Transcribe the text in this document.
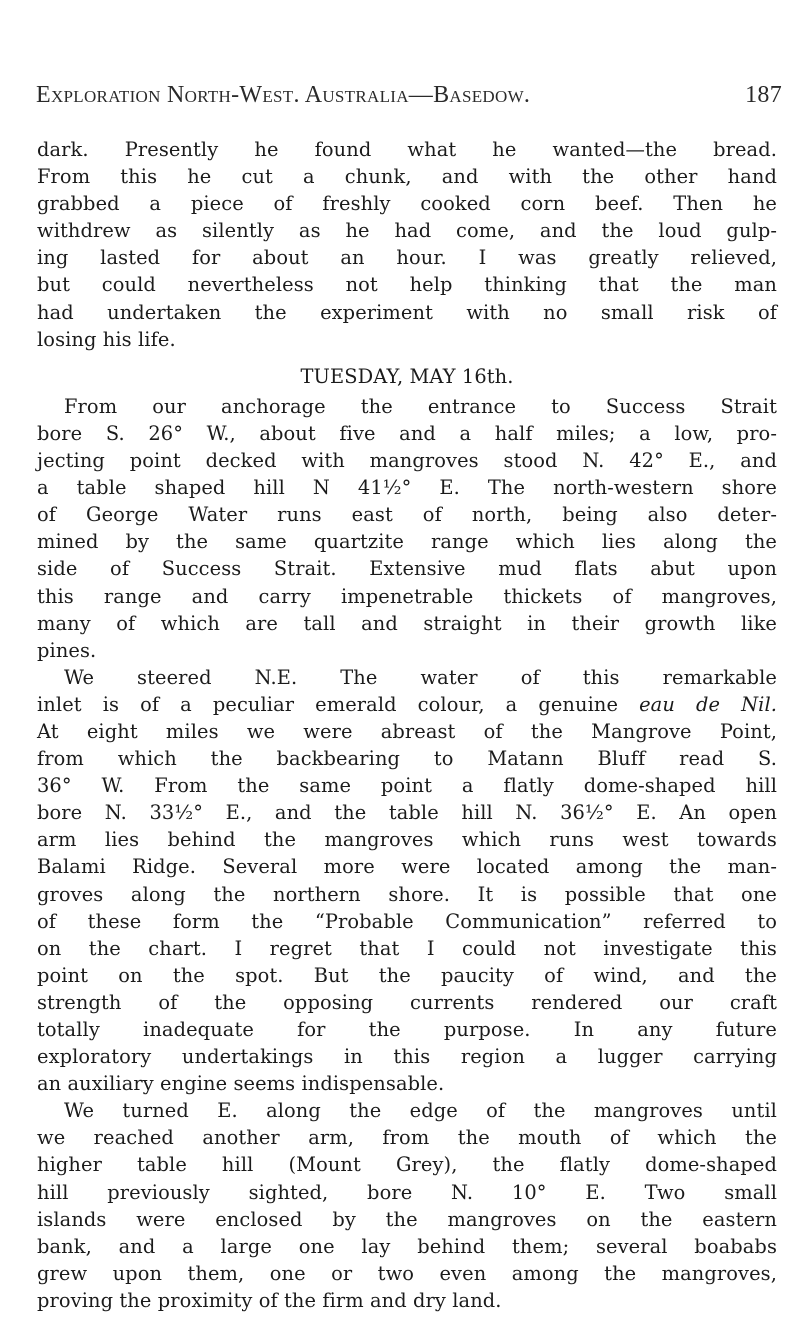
Exploration North-West. Australia—Basedow.	187
dark. Presently he found what he wanted—the bread.
From this he cut a chunk, and with the other hand
grabbed a piece of freshly cooked corn beef. Then he
withdrew as silently as he had come, and the loud gulp-
ing lasted for about an hour. I was greatly relieved,
but could nevertheless not help thinking that the man
had undertaken the experiment with no small risk of
losing his life.
TUESDAY, MAY 16th.
From our anchorage the entrance to Success Strait
bore S. 26° W., about five and a half miles; a low, pro-
jecting point decked with mangroves stood N. 42° E., and
a table shaped hill N 41½° E. The north-western shore
of George Water runs east of north, being also deter-
mined by the same quartzite range which lies along the
side of Success Strait. Extensive mud flats abut upon
this range and carry impenetrable thickets of mangroves,
many of which are tall and straight in their growth like
pines.
We steered N.E. The water of this remarkable
inlet is of a peculiar emerald colour, a genuine eau de Nil.
At eight miles we were abreast of the Mangrove Point,
from which the backbearing to Matann Bluff read S.
36° W. From the same point a flatly dome-shaped hill
bore N. 33½° E., and the table hill N. 36½° E. An open
arm lies behind the mangroves which runs west towards
Balami Ridge. Several more were located among the man-
groves along the northern shore. It is possible that one
of these form the “Probable Communication” referred to
on the chart. I regret that I could not investigate this
point on the spot. But the paucity of wind, and the
strength of the opposing currents rendered our craft
totally inadequate for the purpose. In any future
exploratory undertakings in this region a lugger carrying
an auxiliary engine seems indispensable.
We turned E. along the edge of the mangroves until
we reached another arm, from the mouth of which the
higher table hill (Mount Grey), the flatly dome-shaped
hill previously sighted, bore N. 10° E. Two small
islands were enclosed by the mangroves on the eastern
bank, and a large one lay behind them; several boababs
grew upon them, one or two even among the mangroves,
proving the proximity of the firm and dry land.
